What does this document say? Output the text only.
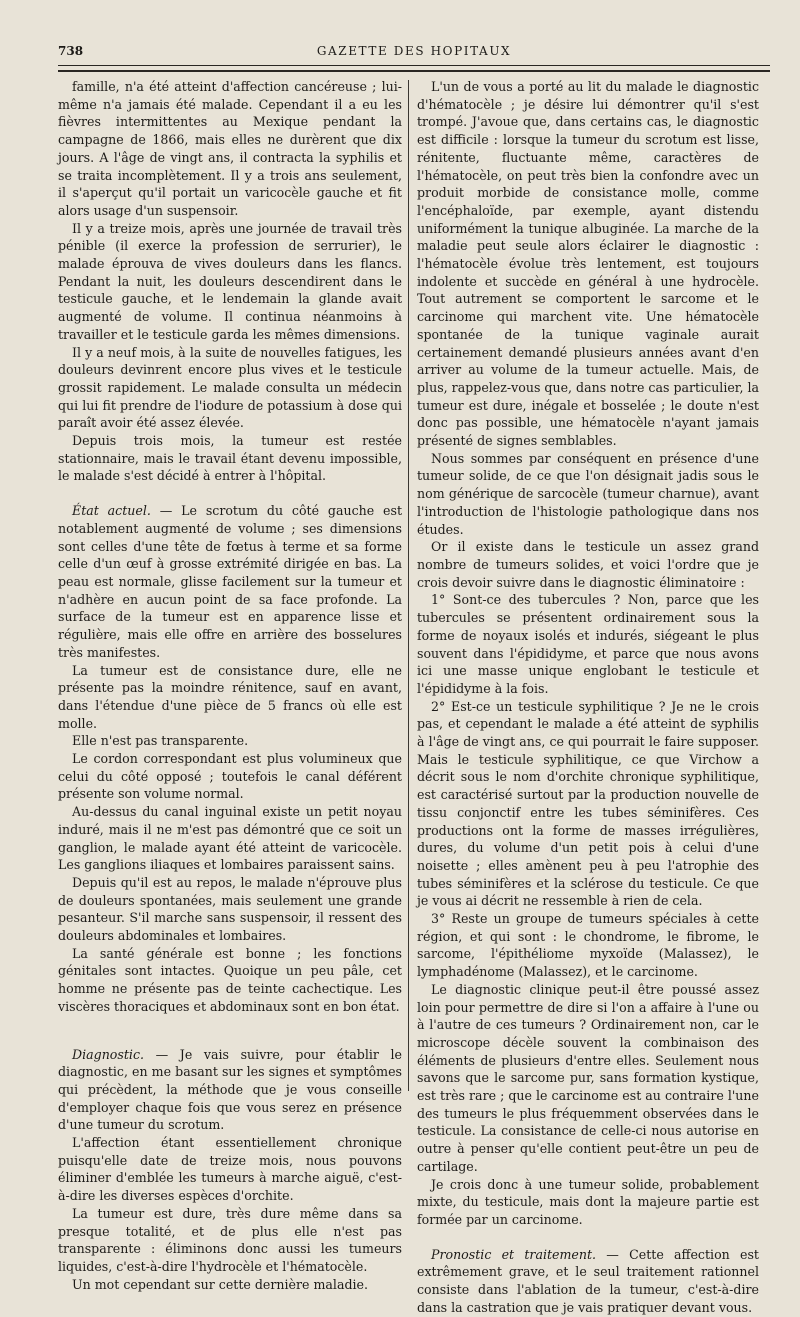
738	GAZETTE DES HOPITAUX

famille, n'a été atteint d'affection cancéreuse ; lui-même n'a jamais été malade. Cependant il a eu les fièvres intermittentes au Mexique pendant la campagne de 1866, mais elles ne durèrent que dix jours. A l'âge de vingt ans, il contracta la syphilis et se traita incomplètement. Il y a trois ans seulement, il s'aperçut qu'il portait un varicocèle gauche et fit alors usage d'un suspensoir.

Il y a treize mois, après une journée de travail très pénible (il exerce la profession de serrurier), le malade éprouva de vives douleurs dans les flancs. Pendant la nuit, les douleurs descendirent dans le testicule gauche, et le lendemain la glande avait augmenté de volume. Il continua néanmoins à travailler et le testicule garda les mêmes dimensions.

Il y a neuf mois, à la suite de nouvelles fatigues, les douleurs devinrent encore plus vives et le testicule grossit rapidement. Le malade consulta un médecin qui lui fit prendre de l'iodure de potassium à dose qui paraît avoir été assez élevée.

Depuis trois mois, la tumeur est restée stationnaire, mais le travail étant devenu impossible, le malade s'est décidé à entrer à l'hôpital.

État actuel. — Le scrotum du côté gauche est notablement augmenté de volume ; ses dimensions sont celles d'une tête de fœtus à terme et sa forme celle d'un œuf à grosse extrémité dirigée en bas. La peau est normale, glisse facilement sur la tumeur et n'adhère en aucun point de sa face profonde. La surface de la tumeur est en apparence lisse et régulière, mais elle offre en arrière des bosselures très manifestes.

La tumeur est de consistance dure, elle ne présente pas la moindre rénitence, sauf en avant, dans l'étendue d'une pièce de 5 francs où elle est molle.

Elle n'est pas transparente.

Le cordon correspondant est plus volumineux que celui du côté opposé ; toutefois le canal déférent présente son volume normal.

Au-dessus du canal inguinal existe un petit noyau induré, mais il ne m'est pas démontré que ce soit un ganglion, le malade ayant été atteint de varicocèle. Les ganglions iliaques et lombaires paraissent sains.

Depuis qu'il est au repos, le malade n'éprouve plus de douleurs spontanées, mais seulement une grande pesanteur. S'il marche sans suspensoir, il ressent des douleurs abdominales et lombaires.

La santé générale est bonne ; les fonctions génitales sont intactes. Quoique un peu pâle, cet homme ne présente pas de teinte cachectique. Les viscères thoraciques et abdominaux sont en bon état.

Diagnostic. — Je vais suivre, pour établir le diagnostic, en me basant sur les signes et symptômes qui précèdent, la méthode que je vous conseille d'employer chaque fois que vous serez en présence d'une tumeur du scrotum.

L'affection étant essentiellement chronique puisqu'elle date de treize mois, nous pouvons éliminer d'emblée les tumeurs à marche aiguë, c'est-à-dire les diverses espèces d'orchite.

La tumeur est dure, très dure même dans sa presque totalité, et de plus elle n'est pas transparente : éliminons donc aussi les tumeurs liquides, c'est-à-dire l'hydrocèle et l'hématocèle.

Un mot cependant sur cette dernière maladie.

L'un de vous a porté au lit du malade le diagnostic d'hématocèle ; je désire lui démontrer qu'il s'est trompé. J'avoue que, dans certains cas, le diagnostic est difficile : lorsque la tumeur du scrotum est lisse, rénitente, fluctuante même, caractères de l'hématocèle, on peut très bien la confondre avec un produit morbide de consistance molle, comme l'encéphaloïde, par exemple, ayant distendu uniformément la tunique albuginée. La marche de la maladie peut seule alors éclairer le diagnostic : l'hématocèle évolue très lentement, est toujours indolente et succède en général à une hydrocèle. Tout autrement se comportent le sarcome et le carcinome qui marchent vite. Une hématocèle spontanée de la tunique vaginale aurait certainement demandé plusieurs années avant d'en arriver au volume de la tumeur actuelle. Mais, de plus, rappelez-vous que, dans notre cas particulier, la tumeur est dure, inégale et bosselée ; le doute n'est donc pas possible, une hématocèle n'ayant jamais présenté de signes semblables.

Nous sommes par conséquent en présence d'une tumeur solide, de ce que l'on désignait jadis sous le nom générique de sarcocèle (tumeur charnue), avant l'introduction de l'histologie pathologique dans nos études.

Or il existe dans le testicule un assez grand nombre de tumeurs solides, et voici l'ordre que je crois devoir suivre dans le diagnostic éliminatoire :

1° Sont-ce des tubercules ? Non, parce que les tubercules se présentent ordinairement sous la forme de noyaux isolés et indurés, siégeant le plus souvent dans l'épididyme, et parce que nous avons ici une masse unique englobant le testicule et l'épididyme à la fois.

2° Est-ce un testicule syphilitique ? Je ne le crois pas, et cependant le malade a été atteint de syphilis à l'âge de vingt ans, ce qui pourrait le faire supposer. Mais le testicule syphilitique, ce que Virchow a décrit sous le nom d'orchite chronique syphilitique, est caractérisé surtout par la production nouvelle de tissu conjonctif entre les tubes séminifères. Ces productions ont la forme de masses irrégulières, dures, du volume d'un petit pois à celui d'une noisette ; elles amènent peu à peu l'atrophie des tubes séminifères et la sclérose du testicule. Ce que je vous ai décrit ne ressemble à rien de cela.

3° Reste un groupe de tumeurs spéciales à cette région, et qui sont : le chondrome, le fibrome, le sarcome, l'épithéliome myxoïde (Malassez), le lymphadénome (Malassez), et le carcinome.

Le diagnostic clinique peut-il être poussé assez loin pour permettre de dire si l'on a affaire à l'une ou à l'autre de ces tumeurs ? Ordinairement non, car le microscope décèle souvent la combinaison des éléments de plusieurs d'entre elles. Seulement nous savons que le sarcome pur, sans formation kystique, est très rare ; que le carcinome est au contraire l'une des tumeurs le plus fréquemment observées dans le testicule. La consistance de celle-ci nous autorise en outre à penser qu'elle contient peut-être un peu de cartilage.

Je crois donc à une tumeur solide, probablement mixte, du testicule, mais dont la majeure partie est formée par un carcinome.

Pronostic et traitement. — Cette affection est extrêmement grave, et le seul traitement rationnel consiste dans l'ablation de la tumeur, c'est-à-dire dans la castration que je vais pratiquer devant vous.
